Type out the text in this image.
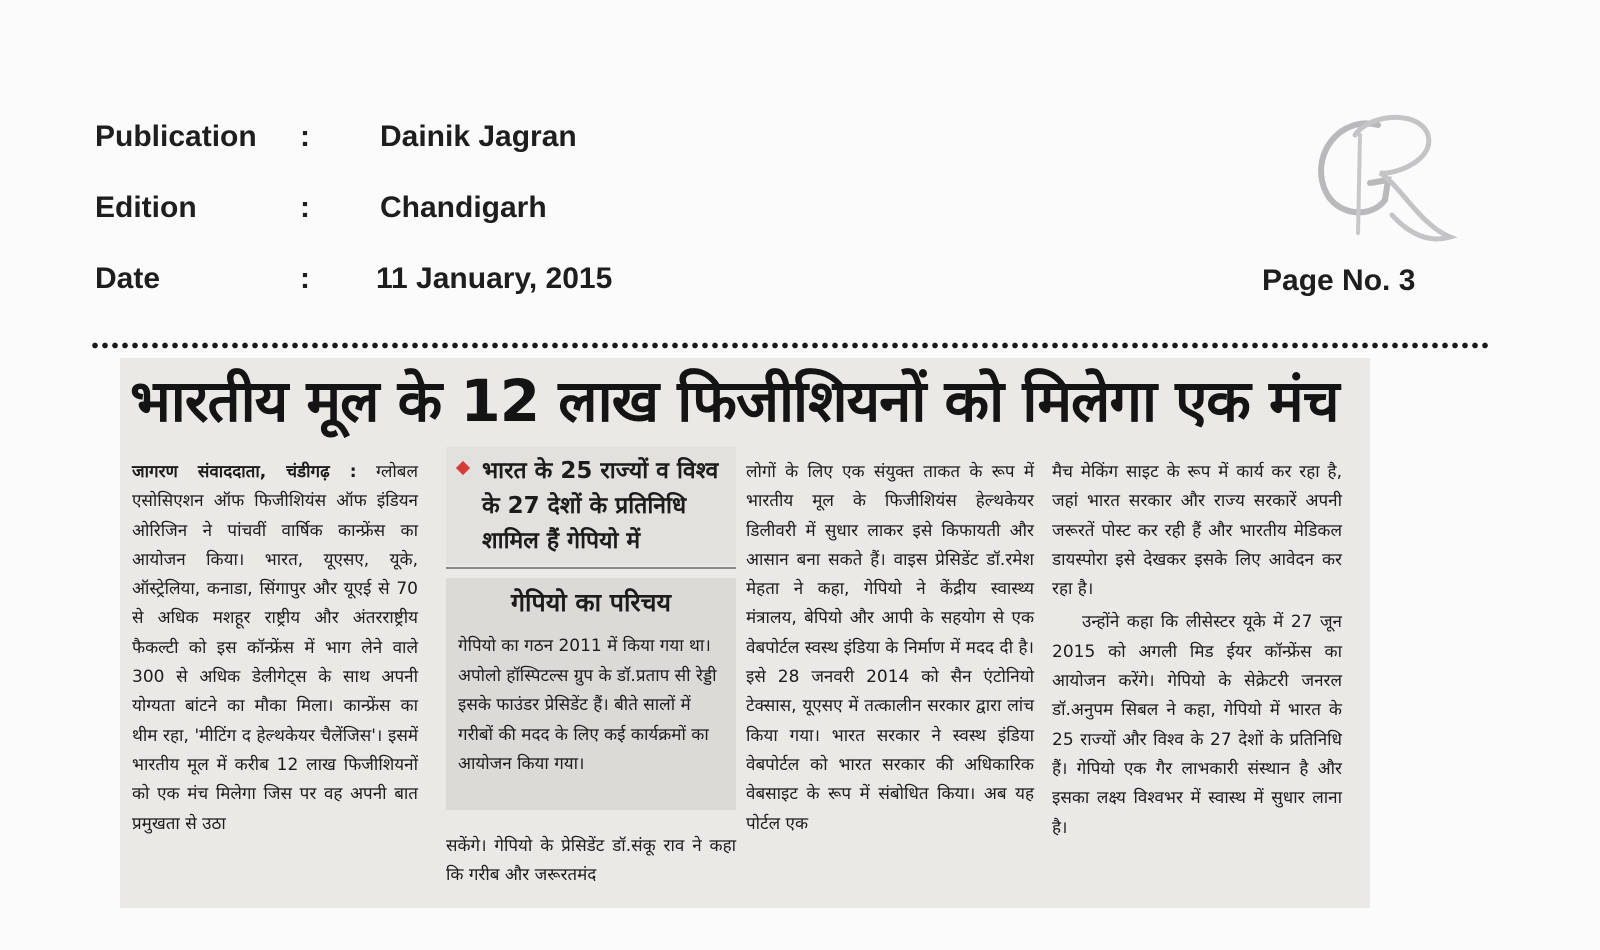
Publication : Dainik Jagran
Edition	: Chandigarh
Date	: 11 January, 2015	Page No. 3
भारतीय मूल के 12 लाख फिजीशियनों को मिलेगा एक मंच

जागरण संवाददाता, चंडीगढ़ : ग्लोबल एसोसिएशन ऑफ फिजीशियंस ऑफ इंडियन ओरिजिन ने पांचवीं वार्षिक कान्फ्रेंस का आयोजन किया। भारत, यूएसए, यूके, ऑस्ट्रेलिया, कनाडा, सिंगापुर और यूएई से 70 से अधिक मशहूर राष्ट्रीय और अंतरराष्ट्रीय फैकल्टी को इस कॉन्फ्रेंस में भाग लेने वाले 300 से अधिक डेलीगेट्स के साथ अपनी योग्यता बांटने का मौका मिला। कान्फ्रेंस का थीम रहा, 'मीटिंग द हेल्थकेयर चैलेंजिस'। इसमें भारतीय मूल में करीब 12 लाख फिजीशियनों को एक मंच मिलेगा जिस पर वह अपनी बात प्रमुखता से उठा

भारत के 25 राज्यों व विश्व के 27 देशों के प्रतिनिधि शामिल हैं गेपियो में
गेपियो का परिचय
गेपियो का गठन 2011 में किया गया था। अपोलो हॉस्पिटल्स ग्रुप के डॉ.प्रताप सी रेड्डी इसके फाउंडर प्रेसिडेंट हैं। बीते सालों में गरीबों की मदद के लिए कई कार्यक्रमों का आयोजन किया गया।
सकेंगे। गेपियो के प्रेसिडेंट डॉ.संकू राव ने कहा कि गरीब और जरूरतमंद

लोगों के लिए एक संयुक्त ताकत के रूप में भारतीय मूल के फिजीशियंस हेल्थकेयर डिलीवरी में सुधार लाकर इसे किफायती और आसान बना सकते हैं। वाइस प्रेसिडेंट डॉ.रमेश मेहता ने कहा, गेपियो ने केंद्रीय स्वास्थ्य मंत्रालय, बेपियो और आपी के सहयोग से एक वेबपोर्टल स्वस्थ इंडिया के निर्माण में मदद दी है। इसे 28 जनवरी 2014 को सैन एंटोनियो टेक्सास, यूएसए में तत्कालीन सरकार द्वारा लांच किया गया। भारत सरकार ने स्वस्थ इंडिया वेबपोर्टल को भारत सरकार की अधिकारिक वेबसाइट के रूप में संबोधित किया। अब यह पोर्टल एक

मैच मेकिंग साइट के रूप में कार्य कर रहा है, जहां भारत सरकार और राज्य सरकारें अपनी जरूरतें पोस्ट कर रही हैं और भारतीय मेडिकल डायस्पोरा इसे देखकर इसके लिए आवेदन कर रहा है।

उन्होंने कहा कि लीसेस्टर यूके में 27 जून 2015 को अगली मिड ईयर कॉन्फ्रेंस का आयोजन करेंगे। गेपियो के सेक्रेटरी जनरल डॉ.अनुपम सिबल ने कहा, गेपियो में भारत के 25 राज्यों और विश्व के 27 देशों के प्रतिनिधि हैं। गेपियो एक गैर लाभकारी संस्थान है और इसका लक्ष्य विश्वभर में स्वास्थ में सुधार लाना है।
